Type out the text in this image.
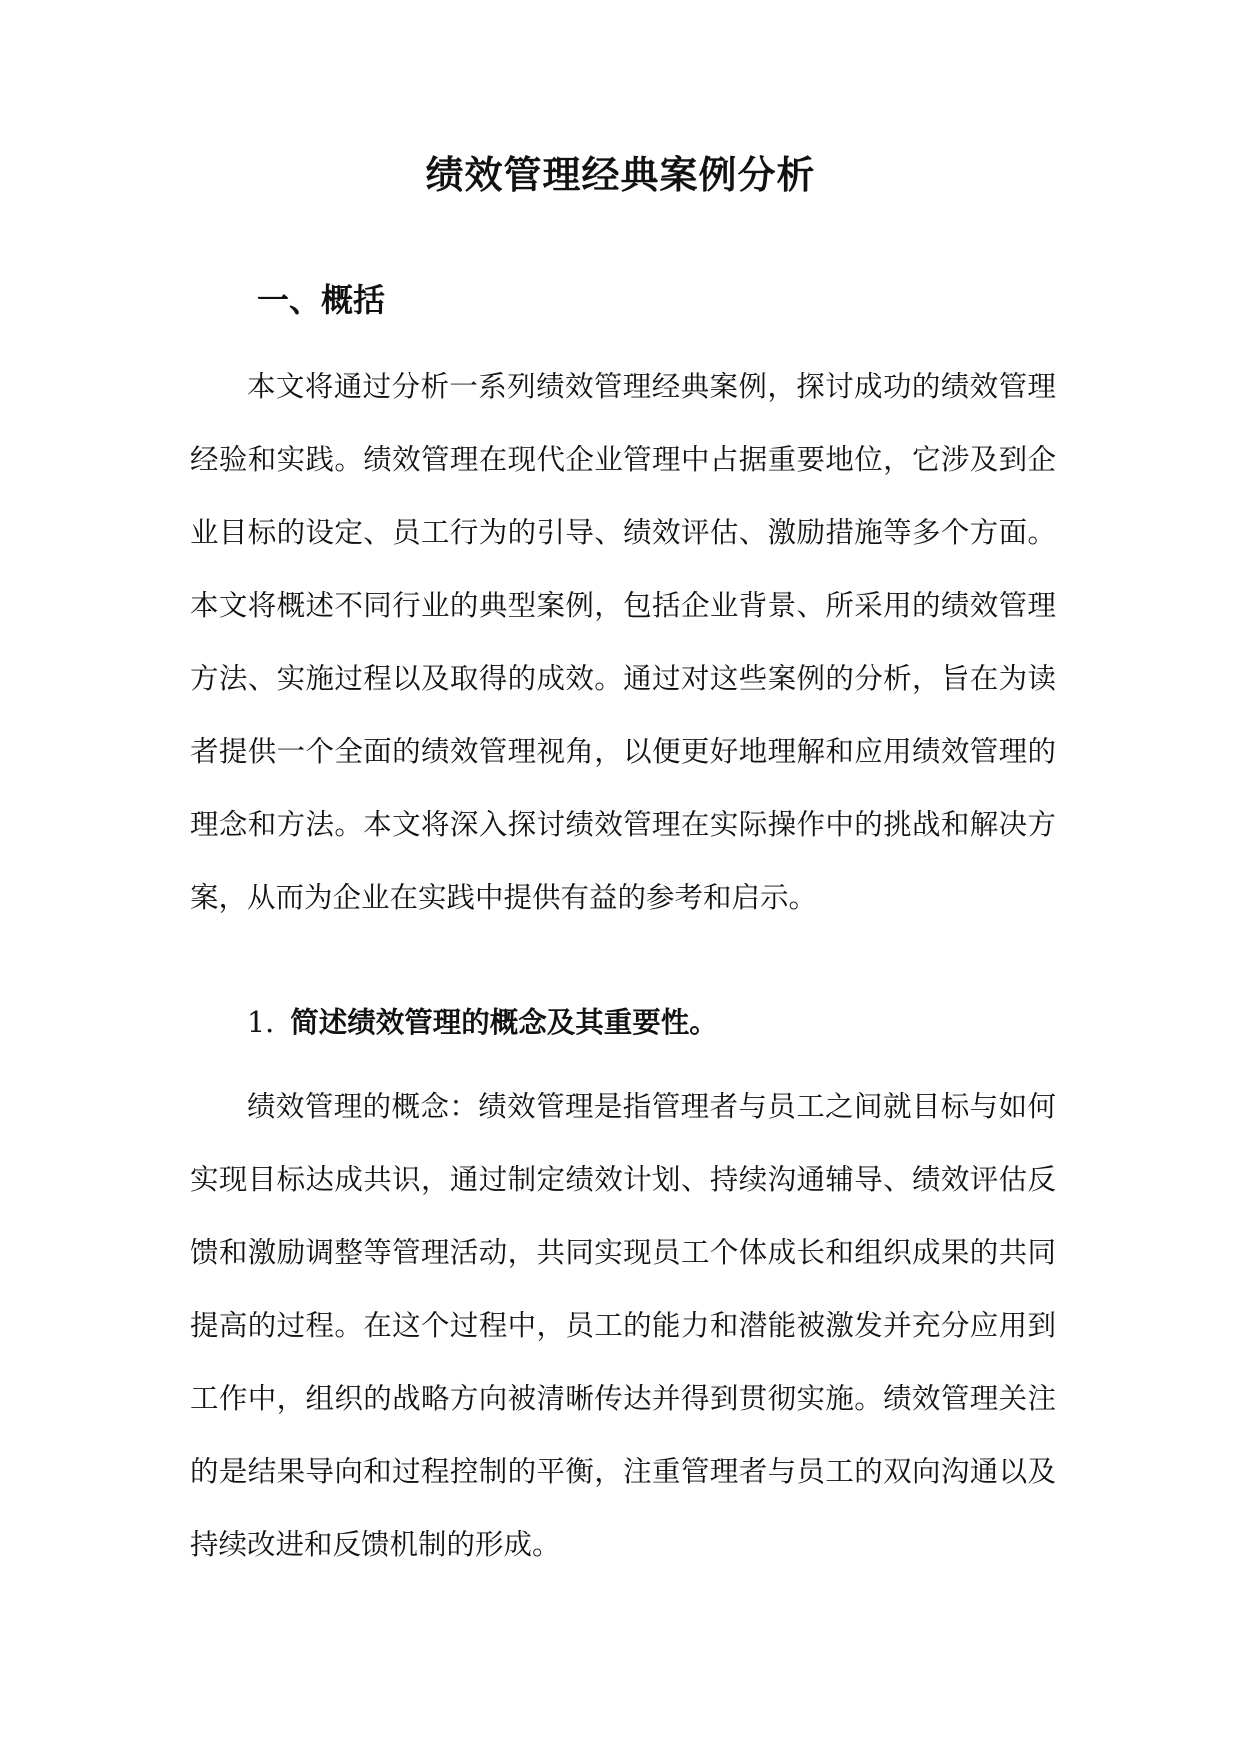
绩效管理经典案例分析
一、概括

本文将通过分析一系列绩效管理经典案例，探讨成功的绩效管理经验和实践。绩效管理在现代企业管理中占据重要地位，它涉及到企业目标的设定、员工行为的引导、绩效评估、激励措施等多个方面。本文将概述不同行业的典型案例，包括企业背景、所采用的绩效管理方法、实施过程以及取得的成效。通过对这些案例的分析，旨在为读者提供一个全面的绩效管理视角，以便更好地理解和应用绩效管理的理念和方法。本文将深入探讨绩效管理在实际操作中的挑战和解决方案，从而为企业在实践中提供有益的参考和启示。

1. 简述绩效管理的概念及其重要性。

绩效管理的概念：绩效管理是指管理者与员工之间就目标与如何实现目标达成共识，通过制定绩效计划、持续沟通辅导、绩效评估反馈和激励调整等管理活动，共同实现员工个体成长和组织成果的共同提高的过程。在这个过程中，员工的能力和潜能被激发并充分应用到工作中，组织的战略方向被清晰传达并得到贯彻实施。绩效管理关注的是结果导向和过程控制的平衡，注重管理者与员工的双向沟通以及持续改进和反馈机制的形成。
